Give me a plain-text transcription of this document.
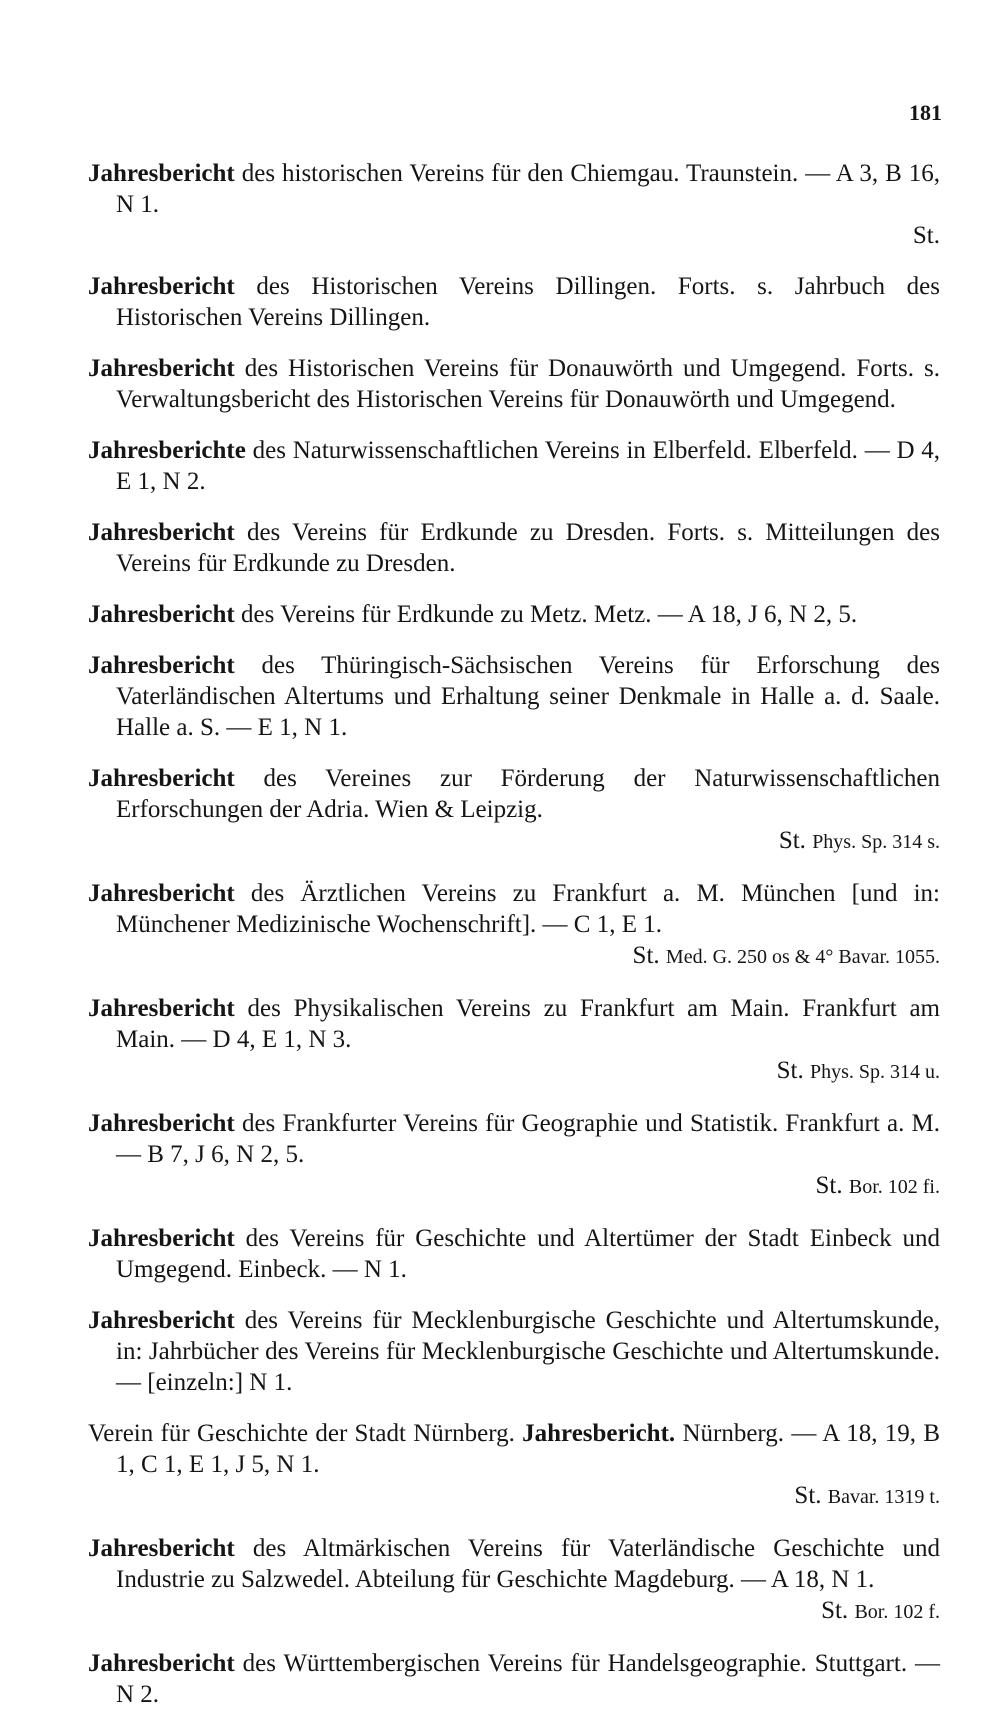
181
Jahresbericht des historischen Vereins für den Chiemgau. Traunstein. — A 3, B 16, N 1.
St.
Jahresbericht des Historischen Vereins Dillingen. Forts. s. Jahrbuch des Historischen Vereins Dillingen.
Jahresbericht des Historischen Vereins für Donauwörth und Umgegend. Forts. s. Verwaltungsbericht des Historischen Vereins für Donauwörth und Umgegend.
Jahresberichte des Naturwissenschaftlichen Vereins in Elberfeld. Elberfeld. — D 4, E 1, N 2.
Jahresbericht des Vereins für Erdkunde zu Dresden. Forts. s. Mitteilungen des Vereins für Erdkunde zu Dresden.
Jahresbericht des Vereins für Erdkunde zu Metz. Metz. — A 18, J 6, N 2, 5.
Jahresbericht des Thüringisch-Sächsischen Vereins für Erforschung des Vaterländischen Altertums und Erhaltung seiner Denkmale in Halle a. d. Saale. Halle a. S. — E 1, N 1.
Jahresbericht des Vereines zur Förderung der Naturwissenschaftlichen Erforschungen der Adria. Wien & Leipzig.
St. Phys. Sp. 314 s.
Jahresbericht des Ärztlichen Vereins zu Frankfurt a. M. München [und in: Münchener Medizinische Wochenschrift]. — C 1, E 1.
St. Med. G. 250 os & 4° Bavar. 1055.
Jahresbericht des Physikalischen Vereins zu Frankfurt am Main. Frankfurt am Main. — D 4, E 1, N 3.
St. Phys. Sp. 314 u.
Jahresbericht des Frankfurter Vereins für Geographie und Statistik. Frankfurt a. M. — B 7, J 6, N 2, 5.
St. Bor. 102 fi.
Jahresbericht des Vereins für Geschichte und Altertümer der Stadt Einbeck und Umgegend. Einbeck. — N 1.
Jahresbericht des Vereins für Mecklenburgische Geschichte und Altertumskunde, in: Jahrbücher des Vereins für Mecklenburgische Geschichte und Altertumskunde. — [einzeln:] N 1.
Verein für Geschichte der Stadt Nürnberg. Jahresbericht. Nürnberg. — A 18, 19, B 1, C 1, E 1, J 5, N 1.
St. Bavar. 1319 t.
Jahresbericht des Altmärkischen Vereins für Vaterländische Geschichte und Industrie zu Salzwedel. Abteilung für Geschichte Magdeburg. — A 18, N 1.
St. Bor. 102 f.
Jahresbericht des Württembergischen Vereins für Handelsgeographie. Stuttgart. — N 2.
